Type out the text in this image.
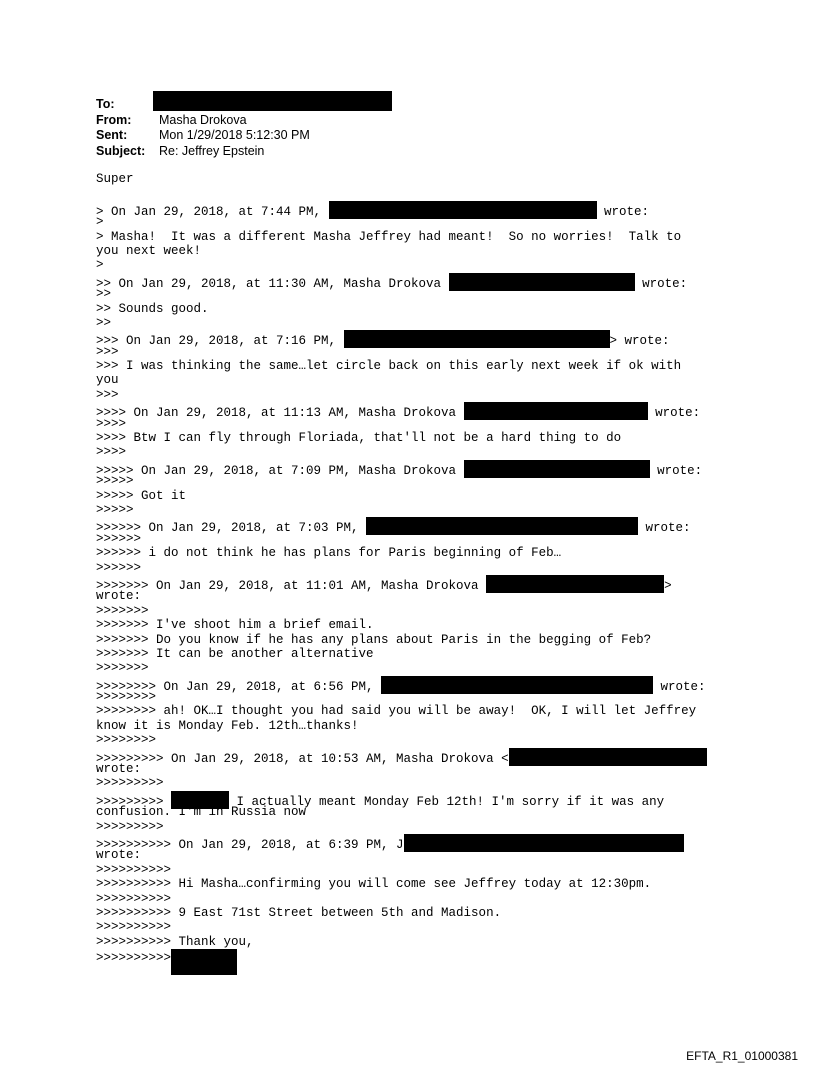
To:
From: Masha Drokova
Sent:	Mon 1/29/2018 5:12:30 PM
Subject: Re: Jeffrey Epstein
Super
> On Jan 29, 2018, at 7:44 PM,	wrote:
>
> Masha!  It was a different Masha Jeffrey had meant!  So no worries!  Talk to
you next week!
>
>> On Jan 29, 2018, at 11:30 AM, Masha Drokova	wrote:
>>
>> Sounds good.
>>
>>> On Jan 29, 2018, at 7:16 PM,	> wrote:
>>>
>>> I was thinking the same…let circle back on this early next week if ok with
you
>>>
>>>> On Jan 29, 2018, at 11:13 AM, Masha Drokova	wrote:
>>>>
>>>> Btw I can fly through Floriada, that'll not be a hard thing to do
>>>>
>>>>> On Jan 29, 2018, at 7:09 PM, Masha Drokova	wrote:
>>>>>
>>>>> Got it
>>>>>
>>>>>> On Jan 29, 2018, at 7:03 PM,	wrote:
>>>>>>
>>>>>> i do not think he has plans for Paris beginning of Feb…
>>>>>>
>>>>>>> On Jan 29, 2018, at 11:01 AM, Masha Drokova	>
wrote:
>>>>>>>
>>>>>>> I've shoot him a brief email.
>>>>>>> Do you know if he has any plans about Paris in the begging of Feb?
>>>>>>> It can be another alternative
>>>>>>>
>>>>>>>> On Jan 29, 2018, at 6:56 PM,	wrote:
>>>>>>>>
>>>>>>>> ah! OK…I thought you had said you will be away!  OK, I will let Jeffrey
know it is Monday Feb. 12th…thanks!
>>>>>>>>
>>>>>>>>> On Jan 29, 2018, at 10:53 AM, Masha Drokova <
wrote:
>>>>>>>>>
>>>>>>>>>	I actually meant Monday Feb 12th! I'm sorry if it was any
confusion. I'm in Russia now
>>>>>>>>>
>>>>>>>>>> On Jan 29, 2018, at 6:39 PM, J
wrote:
>>>>>>>>>>
>>>>>>>>>> Hi Masha…confirming you will come see Jeffrey today at 12:30pm.
>>>>>>>>>>
>>>>>>>>>> 9 East 71st Street between 5th and Madison.
>>>>>>>>>>
>>>>>>>>>> Thank you,
>>>>>>>>>>
EFTA_R1_01000381
